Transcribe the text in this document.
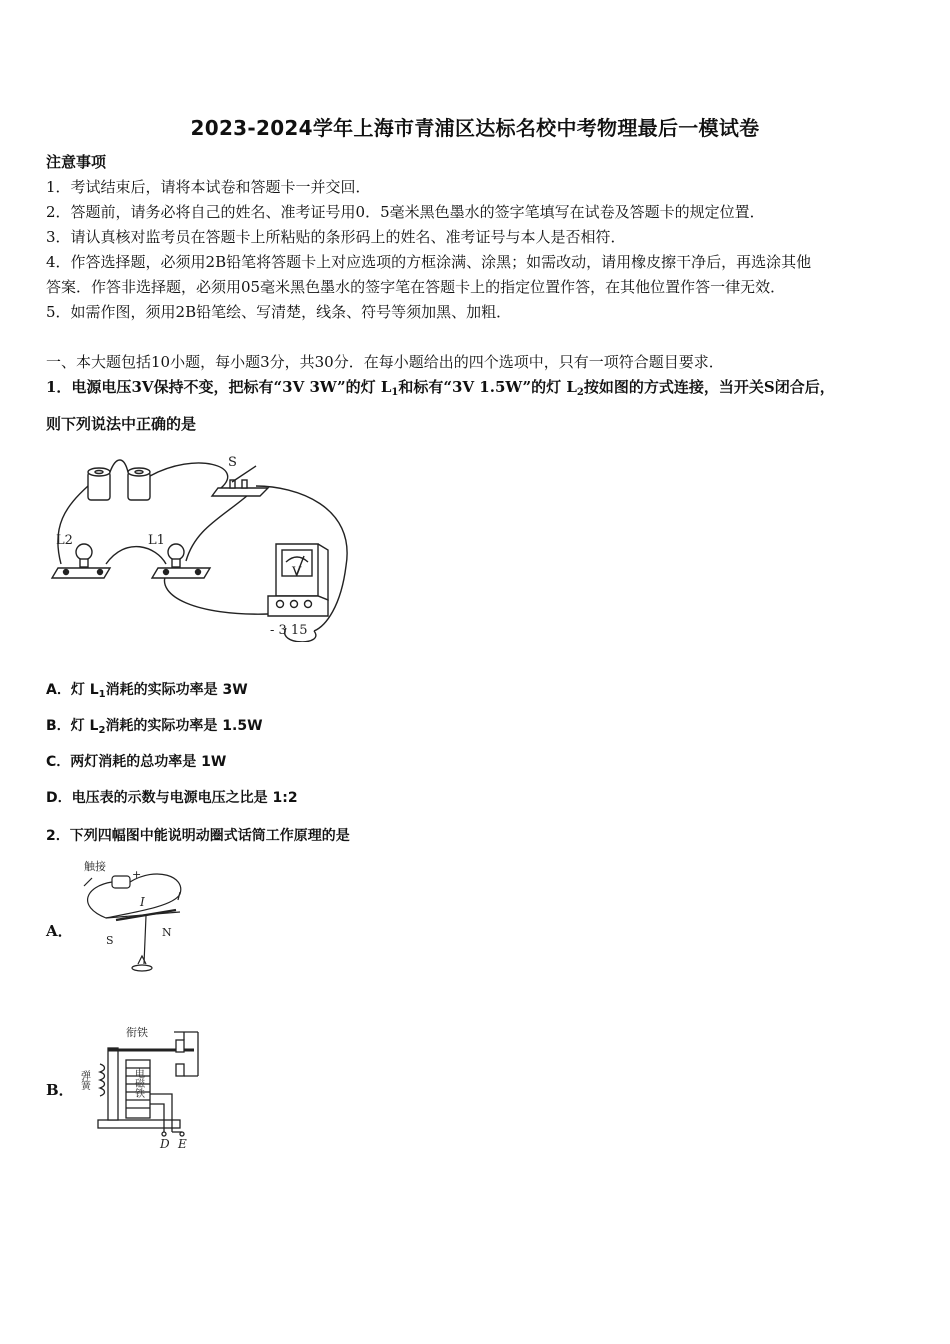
2023-2024学年上海市青浦区达标名校中考物理最后一模试卷
注意事项
1．考试结束后，请将本试卷和答题卡一并交回．
2．答题前，请务必将自己的姓名、准考证号用0．5毫米黑色墨水的签字笔填写在试卷及答题卡的规定位置．
3．请认真核对监考员在答题卡上所粘贴的条形码上的姓名、准考证号与本人是否相符．
4．作答选择题，必须用2B铅笔将答题卡上对应选项的方框涂满、涂黑；如需改动，请用橡皮擦干净后，再选涂其他
答案．作答非选择题，必须用05毫米黑色墨水的签字笔在答题卡上的指定位置作答，在其他位置作答一律无效．
5．如需作图，须用2B铅笔绘、写清楚，线条、符号等须加黑、加粗．
一、本大题包括10小题，每小题3分，共30分．在每小题给出的四个选项中，只有一项符合题目要求．
1．电源电压3V保持不变，把标有“3V 3W”的灯 $L_1$和标有“3V 1.5W”的灯 $L_2$按如图的方式连接，当开关S闭合后，
则下列说法中正确的是
S
L2	L1
V
- 3 15
A．灯 $L_1$消耗的实际功率是 3W
B．灯 $L_2$消耗的实际功率是 1.5W
C．两灯消耗的总功率是 1W
D．电压表的示数与电源电压之比是 1:2
2．下列四幅图中能说明动圈式话筒工作原理的是
A．
触接
+
I
S
N
B．
衔铁
弹簧	电磁铁
D E
